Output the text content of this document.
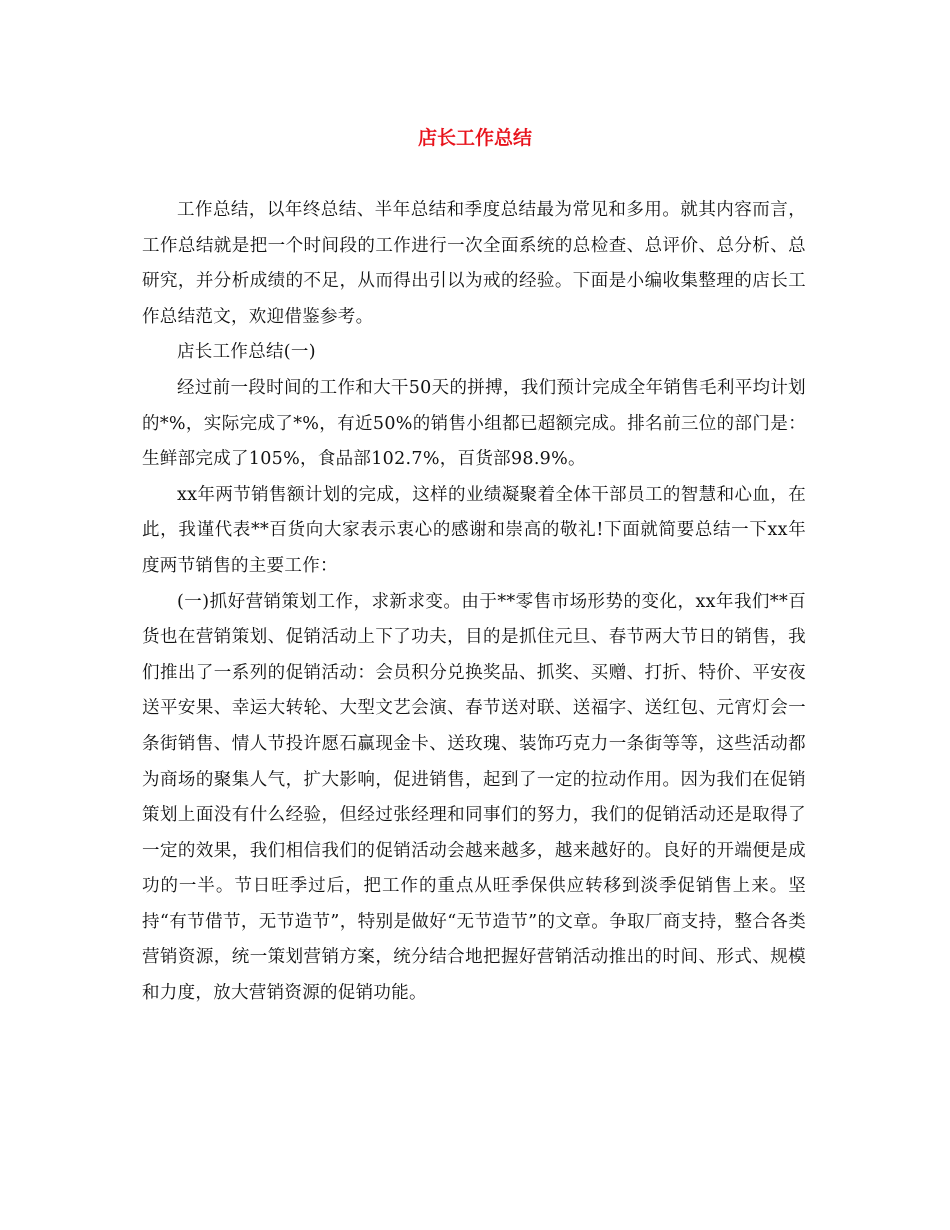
店长工作总结

工作总结，以年终总结、半年总结和季度总结最为常见和多用。就其内容而言，工作总结就是把一个时间段的工作进行一次全面系统的总检查、总评价、总分析、总研究，并分析成绩的不足，从而得出引以为戒的经验。下面是小编收集整理的店长工作总结范文，欢迎借鉴参考。

店长工作总结(一)

经过前一段时间的工作和大干50天的拼搏，我们预计完成全年销售毛利平均计划的*%，实际完成了*%，有近50%的销售小组都已超额完成。排名前三位的部门是：生鲜部完成了105%，食品部102.7%，百货部98.9%。

xx年两节销售额计划的完成，这样的业绩凝聚着全体干部员工的智慧和心血，在此，我谨代表**百货向大家表示衷心的感谢和崇高的敬礼!下面就简要总结一下xx年度两节销售的主要工作：

(一)抓好营销策划工作，求新求变。由于**零售市场形势的变化，xx年我们**百货也在营销策划、促销活动上下了功夫，目的是抓住元旦、春节两大节日的销售，我们推出了一系列的促销活动：会员积分兑换奖品、抓奖、买赠、打折、特价、平安夜送平安果、幸运大转轮、大型文艺会演、春节送对联、送福字、送红包、元宵灯会一条街销售、情人节投许愿石赢现金卡、送玫瑰、装饰巧克力一条街等等，这些活动都为商场的聚集人气，扩大影响，促进销售，起到了一定的拉动作用。因为我们在促销策划上面没有什么经验，但经过张经理和同事们的努力，我们的促销活动还是取得了一定的效果，我们相信我们的促销活动会越来越多，越来越好的。良好的开端便是成功的一半。节日旺季过后，把工作的重点从旺季保供应转移到淡季促销售上来。坚持“有节借节，无节造节”，特别是做好“无节造节”的文章。争取厂商支持，整合各类营销资源，统一策划营销方案，统分结合地把握好营销活动推出的时间、形式、规模和力度，放大营销资源的促销功能。
